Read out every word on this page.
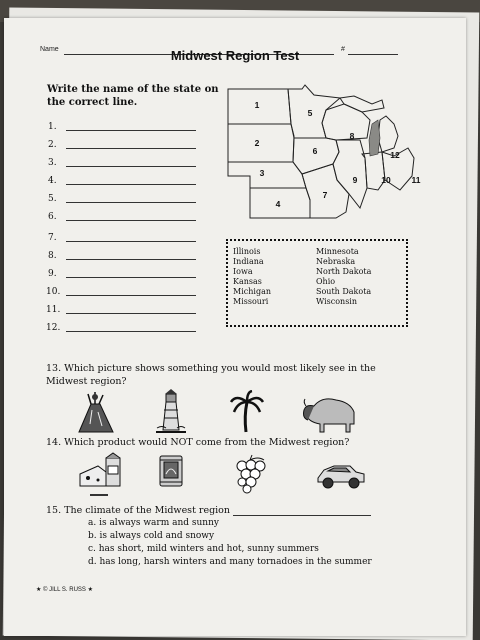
Name	#
Midwest Region Test
Write the name of the state on
the correct line.
1.
2.
3.
4.
5.
6.
7.
8.
9.
10.
11.
12.
1
2
3
4
5
6
7
8
9	10 11
12
Illinois
Indiana
Iowa
Kansas
Michigan
Missouri
Minnesota
Nebraska
North Dakota
Ohio
South Dakota
Wisconsin
13. Which picture shows something you would most likely see in the
Midwest region?
14. Which product would NOT come from the Midwest region?
15. The climate of the Midwest region
a. is always warm and sunny
b. is always cold and snowy
c. has short, mild winters and hot, sunny summers
d. has long, harsh winters and many tornadoes in the summer
★ © JILL S. RUSS ★
